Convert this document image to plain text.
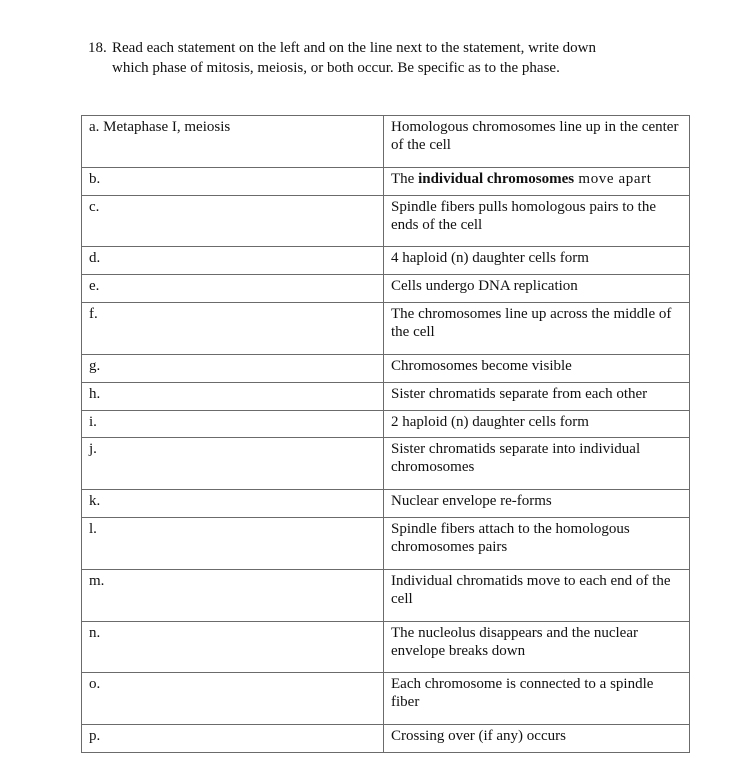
18. Read each statement on the left and on the line next to the statement, write down
which phase of mitosis, meiosis, or both occur. Be specific as to the phase.
a. Metaphase I, meiosis	Homologous chromosomes line up in the center of the cell
b.	The individual chromosomes move apart
c.	Spindle fibers pulls homologous pairs to the ends of the cell
d.	4 haploid (n) daughter cells form
e.	Cells undergo DNA replication
f.	The chromosomes line up across the middle of the cell
g.	Chromosomes become visible
h.	Sister chromatids separate from each other
i.	2 haploid (n) daughter cells form
j.	Sister chromatids separate into individual chromosomes
k.	Nuclear envelope re-forms
l.	Spindle fibers attach to the homologous chromosomes pairs
m.	Individual chromatids move to each end of the cell
n.	The nucleolus disappears and the nuclear envelope breaks down
o.	Each chromosome is connected to a spindle fiber
p.	Crossing over (if any) occurs
